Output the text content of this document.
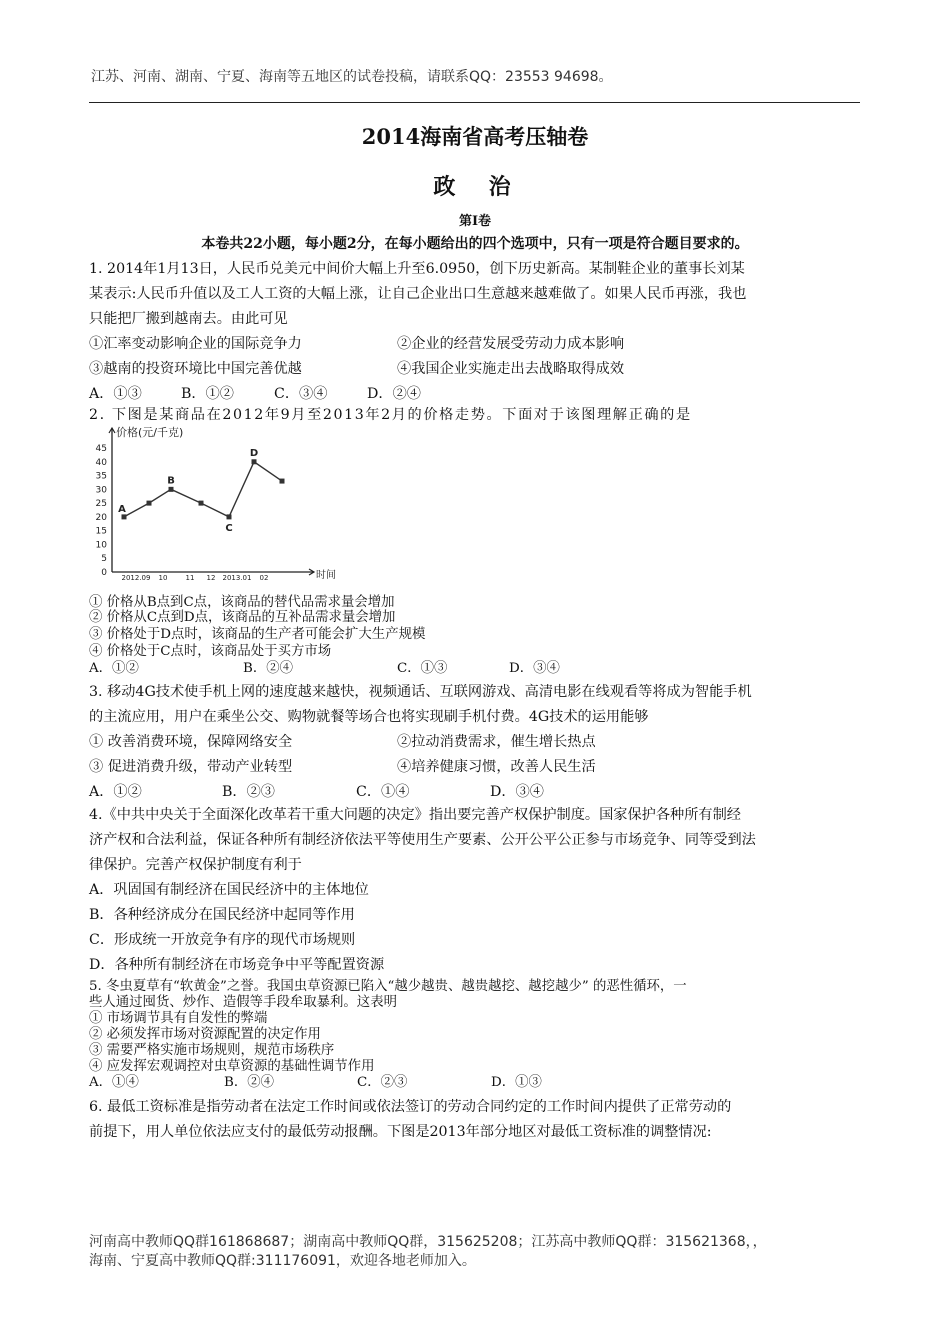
江苏、河南、湖南、宁夏、海南等五地区的试卷投稿，请联系QQ：23553 94698。
2014海南省高考压轴卷
政  治
第Ⅰ卷
本卷共22小题，每小题2分，在每小题给出的四个选项中，只有一项是符合题目要求的。
1. 2014年1月13日，人民币兑美元中间价大幅上升至6.0950，创下历史新高。某制鞋企业的董事长刘某
某表示:人民币升值以及工人工资的大幅上涨，让自己企业出口生意越来越难做了。如果人民币再涨，我也
只能把厂搬到越南去。由此可见
①汇率变动影响企业的国际竞争力	②企业的经营发展受劳动力成本影响
③越南的投资环境比中国完善优越	④我国企业实施走出去战略取得成效
A．①③	B．①②	C．③④	D．②④
2. 下图是某商品在2012年9月至2013年2月的价格走势。下面对于该图理解正确的是
45
40
35
30
25
20
15
10
5
0
价格(元/千克)
时间
2012.09 10	11 12 2013.01 02
A
B
C
D
① 价格从B点到C点，该商品的替代品需求量会增加
② 价格从C点到D点，该商品的互补品需求量会增加
③ 价格处于D点时，该商品的生产者可能会扩大生产规模
④ 价格处于C点时，该商品处于买方市场
A．①②	B．②④	C．①③	D．③④
3. 移动4G技术使手机上网的速度越来越快，视频通话、互联网游戏、高清电影在线观看等将成为智能手机
的主流应用，用户在乘坐公交、购物就餐等场合也将实现刷手机付费。4G技术的运用能够
① 改善消费环境，保障网络安全	②拉动消费需求，催生增长热点
③ 促进消费升级，带动产业转型	④培养健康习惯，改善人民生活
A．①②	B．②③	C．①④	D．③④
4.《中共中央关于全面深化改革若干重大问题的决定》指出要完善产权保护制度。国家保护各种所有制经
济产权和合法利益，保证各种所有制经济依法平等使用生产要素、公开公平公正参与市场竞争、同等受到法
律保护。完善产权保护制度有利于
A．巩固国有制经济在国民经济中的主体地位
B．各种经济成分在国民经济中起同等作用
C．形成统一开放竞争有序的现代市场规则
D．各种所有制经济在市场竞争中平等配置资源
5. 冬虫夏草有“软黄金”之誉。我国虫草资源已陷入“越少越贵、越贵越挖、越挖越少” 的恶性循环，一
些人通过囤货、炒作、造假等手段牟取暴利。这表明
① 市场调节具有自发性的弊端
② 必须发挥市场对资源配置的决定作用
③ 需要严格实施市场规则，规范市场秩序
④ 应发挥宏观调控对虫草资源的基础性调节作用
A．①④	B．②④	C．②③	D．①③
6. 最低工资标准是指劳动者在法定工作时间或依法签订的劳动合同约定的工作时间内提供了正常劳动的
前提下，用人单位依法应支付的最低劳动报酬。下图是2013年部分地区对最低工资标准的调整情况:
河南高中教师QQ群161868687；湖南高中教师QQ群，315625208；江苏高中教师QQ群：315621368，，
海南、宁夏高中教师QQ群:311176091，欢迎各地老师加入。
